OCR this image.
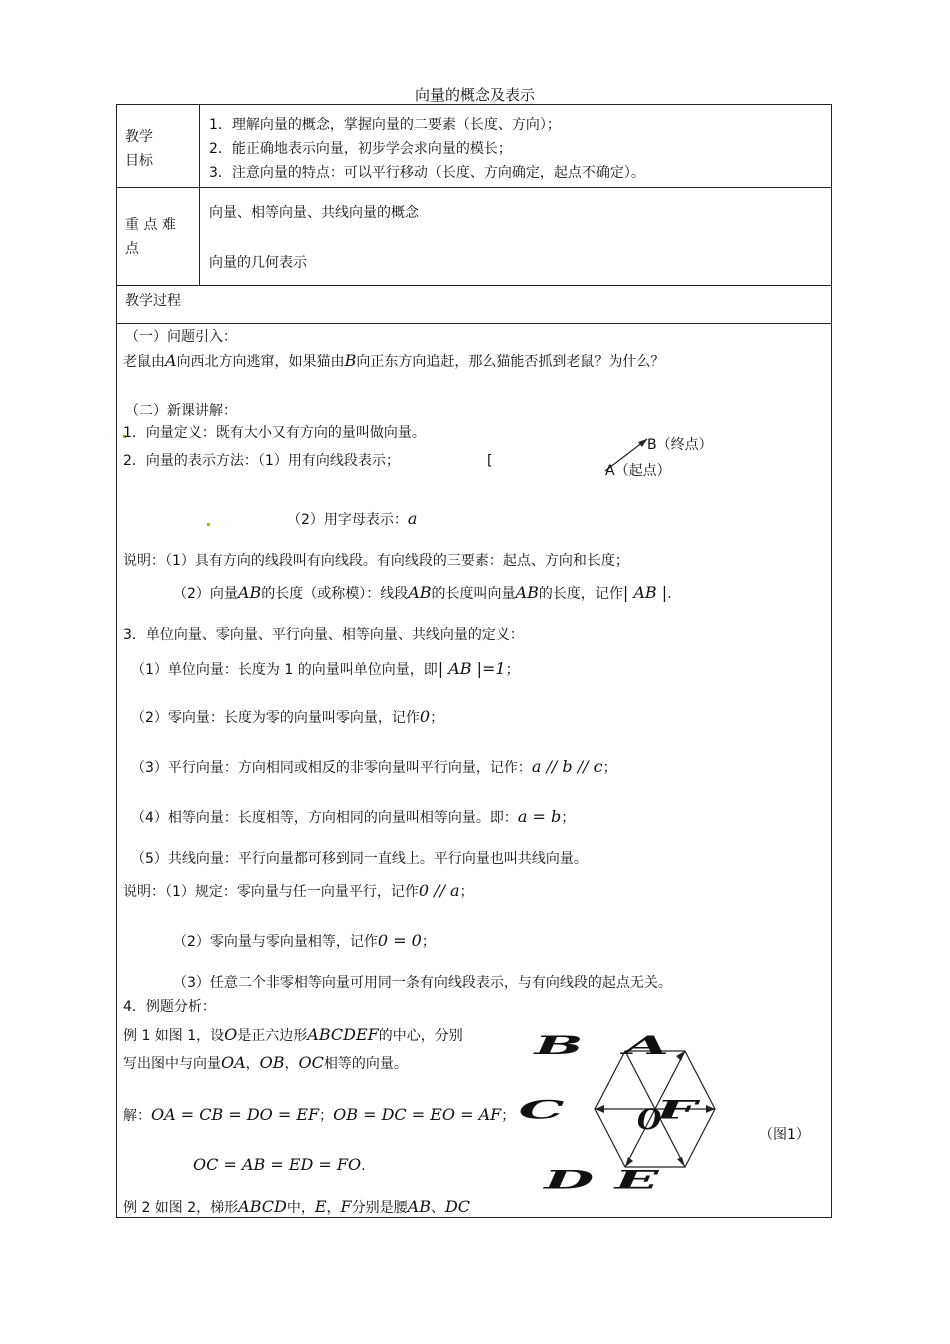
向量的概念及表示
教学
目标
1．理解向量的概念，掌握向量的二要素（长度、方向）；
2．能正确地表示向量，初步学会求向量的模长；
3．注意向量的特点：可以平行移动（长度、方向确定，起点不确定）。
重 点 难
点
向量、相等向量、共线向量的概念
向量的几何表示
教学过程
（一）问题引入：
老鼠由A向西北方向逃窜，如果猫由B向正东方向追赶，那么猫能否抓到老鼠？为什么？
（二）新课讲解：
1．向量定义：既有大小又有方向的量叫做向量。
2．向量的表示方法：（1）用有向线段表示；	[
B（终点）
A（起点）
（2）用字母表示：a
说明：（1）具有方向的线段叫有向线段。有向线段的三要素：起点、方向和长度；
（2）向量AB的长度（或称模）：线段AB的长度叫向量AB的长度，记作| AB |.
3．单位向量、零向量、平行向量、相等向量、共线向量的定义：
（1）单位向量：长度为 1 的向量叫单位向量，即| AB |=1；
（2）零向量：长度为零的向量叫零向量，记作0；
（3）平行向量：方向相同或相反的非零向量叫平行向量，记作：a // b // c；
（4）相等向量：长度相等，方向相同的向量叫相等向量。即：a = b；
（5）共线向量：平行向量都可移到同一直线上。平行向量也叫共线向量。
说明：（1）规定：零向量与任一向量平行，记作0 // a；
（2）零向量与零向量相等，记作0 = 0；
（3）任意二个非零相等向量可用同一条有向线段表示，与有向线段的起点无关。
4．例题分析：
例 1 如图 1，设O是正六边形ABCDEF的中心，分别
写出图中与向量OA，OB，OC相等的向量。
解：OA = CB = DO = EF；OB = DC = EO = AF；
OC = AB = ED = FO.
B A
C	O
F
D E
（图1）
例 2 如图 2，梯形ABCD中，E，F分别是腰AB、DC
